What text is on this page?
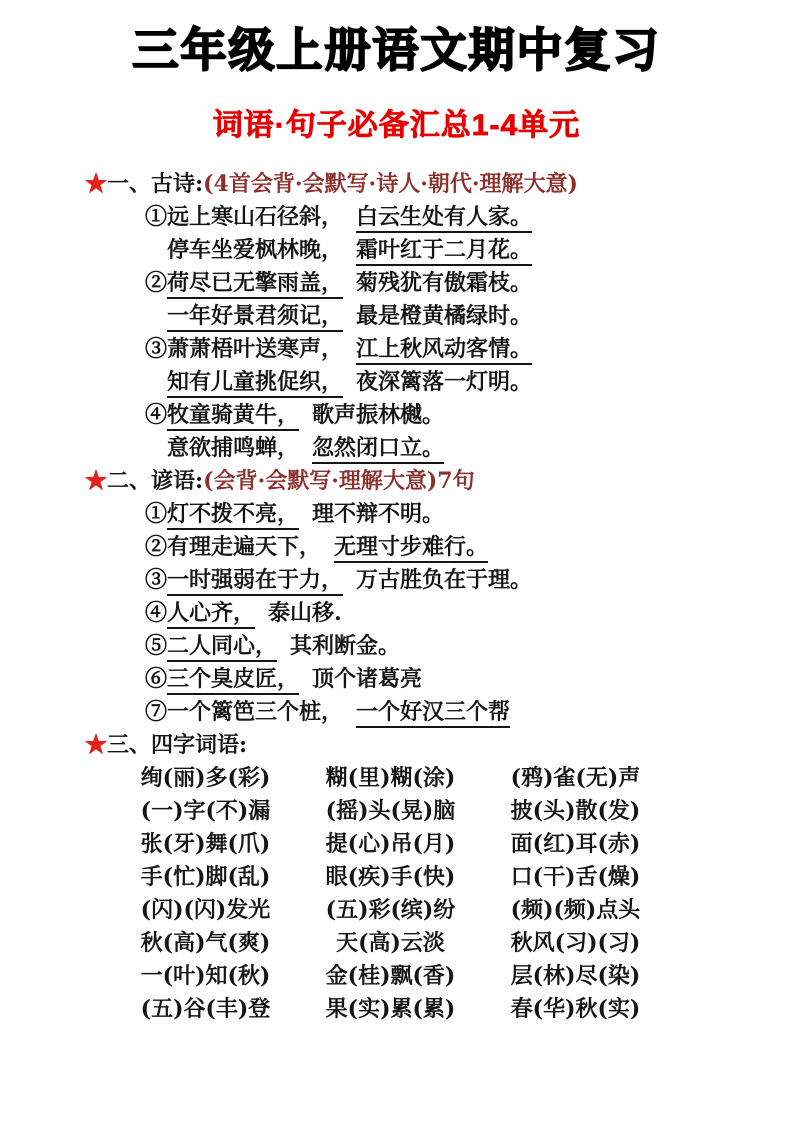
三年级上册语文期中复习
词语·句子必备汇总1-4单元
★一、古诗:(4首会背·会默写·诗人·朝代·理解大意)
①远上寒山石径斜， 白云生处有人家。
停车坐爱枫林晚， 霜叶红于二月花。
②荷尽已无擎雨盖， 菊残犹有傲霜枝。
一年好景君须记， 最是橙黄橘绿时。
③萧萧梧叶送寒声， 江上秋风动客情。
知有儿童挑促织， 夜深篱落一灯明。
④牧童骑黄牛， 歌声振林樾。
意欲捕鸣蝉， 忽然闭口立。
★二、谚语:(会背·会默写·理解大意)7句
①灯不拨不亮， 理不辩不明。
②有理走遍天下， 无理寸步难行。
③一时强弱在于力， 万古胜负在于理。
④人心齐， 泰山移.
⑤二人同心， 其利断金。
⑥三个臭皮匠， 顶个诸葛亮
⑦一个篱笆三个桩， 一个好汉三个帮
★三、四字词语:
绚(丽)多(彩)	糊(里)糊(涂)	(鸦)雀(无)声
(一)字(不)漏	(摇)头(晃)脑	披(头)散(发)
张(牙)舞(爪)	提(心)吊(月)	面(红)耳(赤)
手(忙)脚(乱)	眼(疾)手(快)	口(干)舌(燥)
(闪)(闪)发光	(五)彩(缤)纷	(频)(频)点头
秋(高)气(爽)	天(高)云淡	秋风(习)(习)
一(叶)知(秋)	金(桂)飘(香)	层(林)尽(染)
(五)谷(丰)登	果(实)累(累)	春(华)秋(实)
